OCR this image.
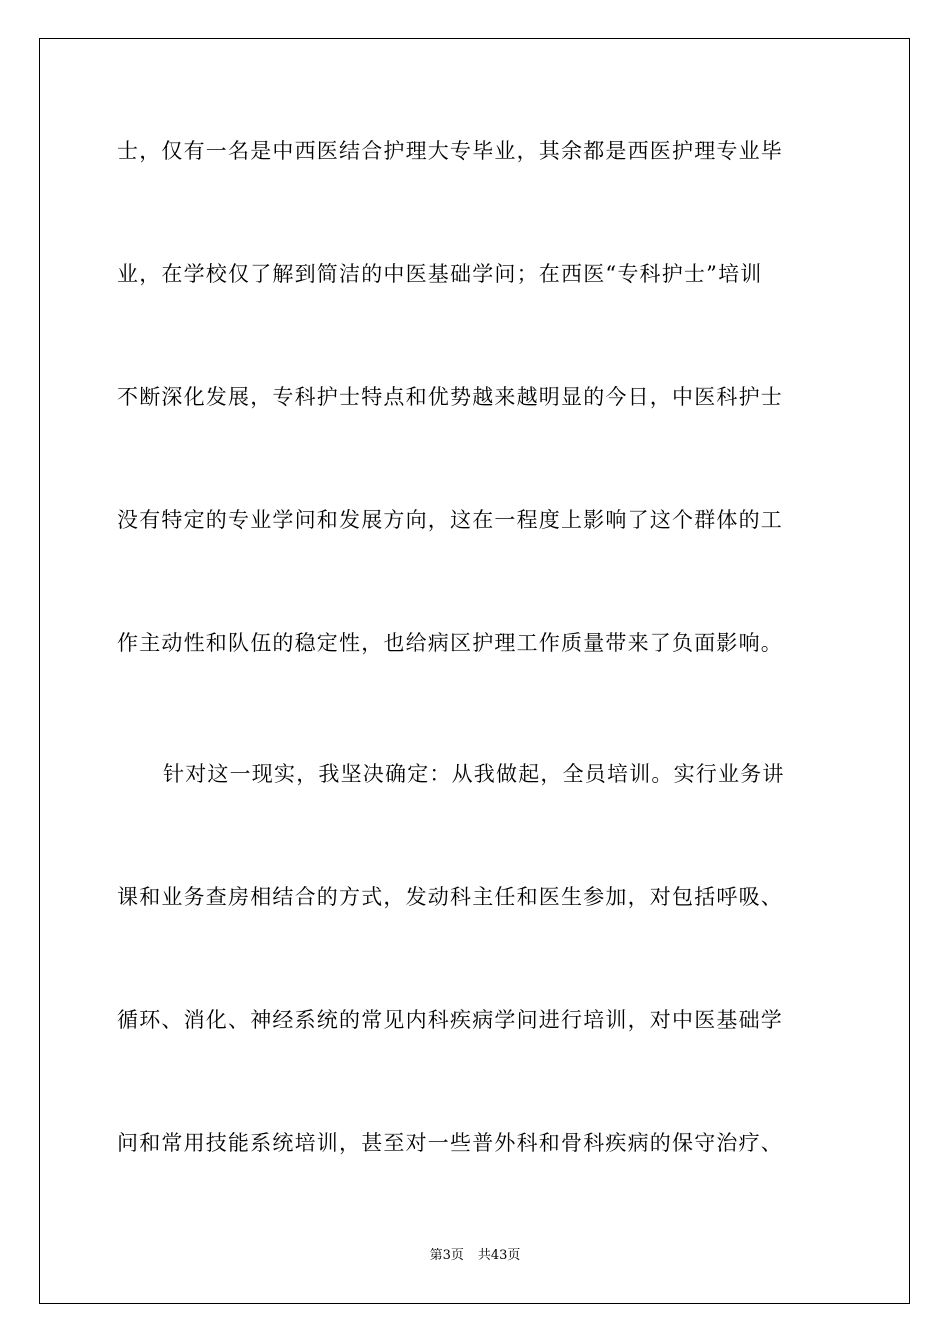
士，仅有一名是中西医结合护理大专毕业，其余都是西医护理专业毕
业，在学校仅了解到简洁的中医基础学问；在西医“专科护士”培训
不断深化发展，专科护士特点和优势越来越明显的今日，中医科护士
没有特定的专业学问和发展方向，这在一程度上影响了这个群体的工
作主动性和队伍的稳定性，也给病区护理工作质量带来了负面影响。
针对这一现实，我坚决确定：从我做起，全员培训。实行业务讲
课和业务查房相结合的方式，发动科主任和医生参加，对包括呼吸、
循环、消化、神经系统的常见内科疾病学问进行培训，对中医基础学
问和常用技能系统培训，甚至对一些普外科和骨科疾病的保守治疗、
第3页 共43页
